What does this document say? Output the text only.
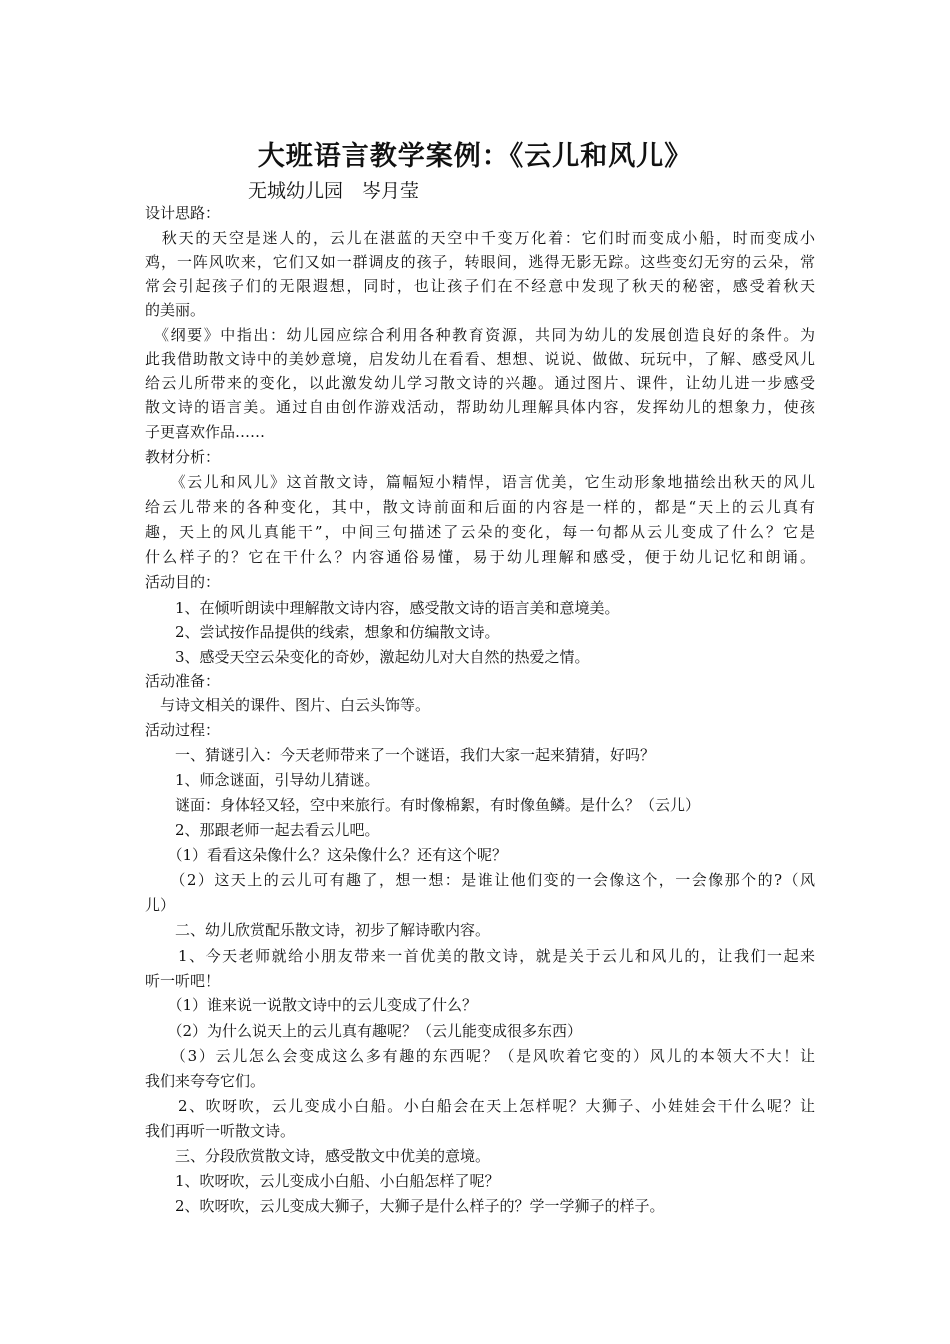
大班语言教学案例：《云儿和风儿》
无城幼儿园　岑月莹
设计思路：
　秋天的天空是迷人的，云儿在湛蓝的天空中千变万化着：它们时而变成小船，时而变成小
鸡，一阵风吹来，它们又如一群调皮的孩子，转眼间，逃得无影无踪。这些变幻无穷的云朵，常
常会引起孩子们的无限遐想，同时，也让孩子们在不经意中发现了秋天的秘密，感受着秋天
的美丽。
　《纲要》中指出：幼儿园应综合利用各种教育资源，共同为幼儿的发展创造良好的条件。为
此我借助散文诗中的美妙意境，启发幼儿在看看、想想、说说、做做、玩玩中，了解、感受风儿
给云儿所带来的变化，以此激发幼儿学习散文诗的兴趣。通过图片、课件，让幼儿进一步感受
散文诗的语言美。通过自由创作游戏活动，帮助幼儿理解具体内容，发挥幼儿的想象力，使孩
子更喜欢作品……
教材分析：
　　《云儿和风儿》这首散文诗，篇幅短小精悍，语言优美，它生动形象地描绘出秋天的风儿
给云儿带来的各种变化，其中，散文诗前面和后面的内容是一样的，都是“天上的云儿真有
趣，天上的风儿真能干”，中间三句描述了云朵的变化，每一句都从云儿变成了什么？它是
什么样子的？它在干什么？内容通俗易懂，易于幼儿理解和感受，便于幼儿记忆和朗诵。
活动目的：
　　1、在倾听朗读中理解散文诗内容，感受散文诗的语言美和意境美。
　　2、尝试按作品提供的线索，想象和仿编散文诗。
　　3、感受天空云朵变化的奇妙，激起幼儿对大自然的热爱之情。
活动准备：
　与诗文相关的课件、图片、白云头饰等。
活动过程：
　　一、猜谜引入：今天老师带来了一个谜语，我们大家一起来猜猜，好吗？
　　1、师念谜面，引导幼儿猜谜。
　　谜面：身体轻又轻，空中来旅行。有时像棉絮，有时像鱼鳞。是什么？（云儿）
　　2、那跟老师一起去看云儿吧。
　　（1）看看这朵像什么？这朵像什么？还有这个呢？
　　（2）这天上的云儿可有趣了，想一想：是谁让他们变的一会像这个，一会像那个的?（风
儿）
　　二、幼儿欣赏配乐散文诗，初步了解诗歌内容。
　　1、今天老师就给小朋友带来一首优美的散文诗，就是关于云儿和风儿的，让我们一起来
听一听吧！
　　（1）谁来说一说散文诗中的云儿变成了什么？
　　（2）为什么说天上的云儿真有趣呢？（云儿能变成很多东西）
　　（3）云儿怎么会变成这么多有趣的东西呢？（是风吹着它变的）风儿的本领大不大！让
我们来夸夸它们。
　　2、吹呀吹，云儿变成小白船。小白船会在天上怎样呢？大狮子、小娃娃会干什么呢？让
我们再听一听散文诗。
　　三、分段欣赏散文诗，感受散文中优美的意境。
　　1、吹呀吹，云儿变成小白船、小白船怎样了呢？
　　2、吹呀吹，云儿变成大狮子，大狮子是什么样子的？学一学狮子的样子。
